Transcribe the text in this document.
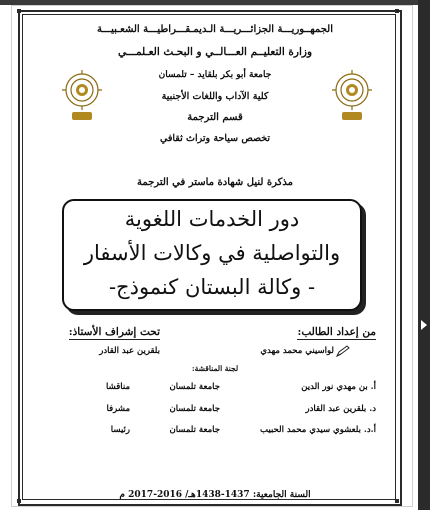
الجمهــوريـــة الجزائـــريـــة الـديمـقـــراطيـــة الشعـبيـــة
وزارة التعليــم العـــالــي و البحـث العـلمـــي
جامعة أبو بكر بلقايد – تلمسان
كلية الآداب واللغات الأجنبية
قسم الترجمة
تخصص سياحة وتراث ثقافي
مذكرة لنيل شهادة ماستر في الترجمة
دور الخدمات اللغوية
والتواصلية في وكالات الأسفار
- وكالة البستان كنموذج-
من إعداد الطالب:
تحت إشراف الأستاذ:
لواسيني محمد مهدي
بلقرين عبد القادر
لجنة المناقشة:
أ. بن مهدي نور الدين
جامعة تلمسان
مناقشا
د. بلقرين عبد القادر
جامعة تلمسان
مشرفا
أ.د. بلعشوي سيدي محمد الحبيب
جامعة تلمسان
رئيسا
السنة الجامعية: 1437-1438هـ/ 2016-2017 م
